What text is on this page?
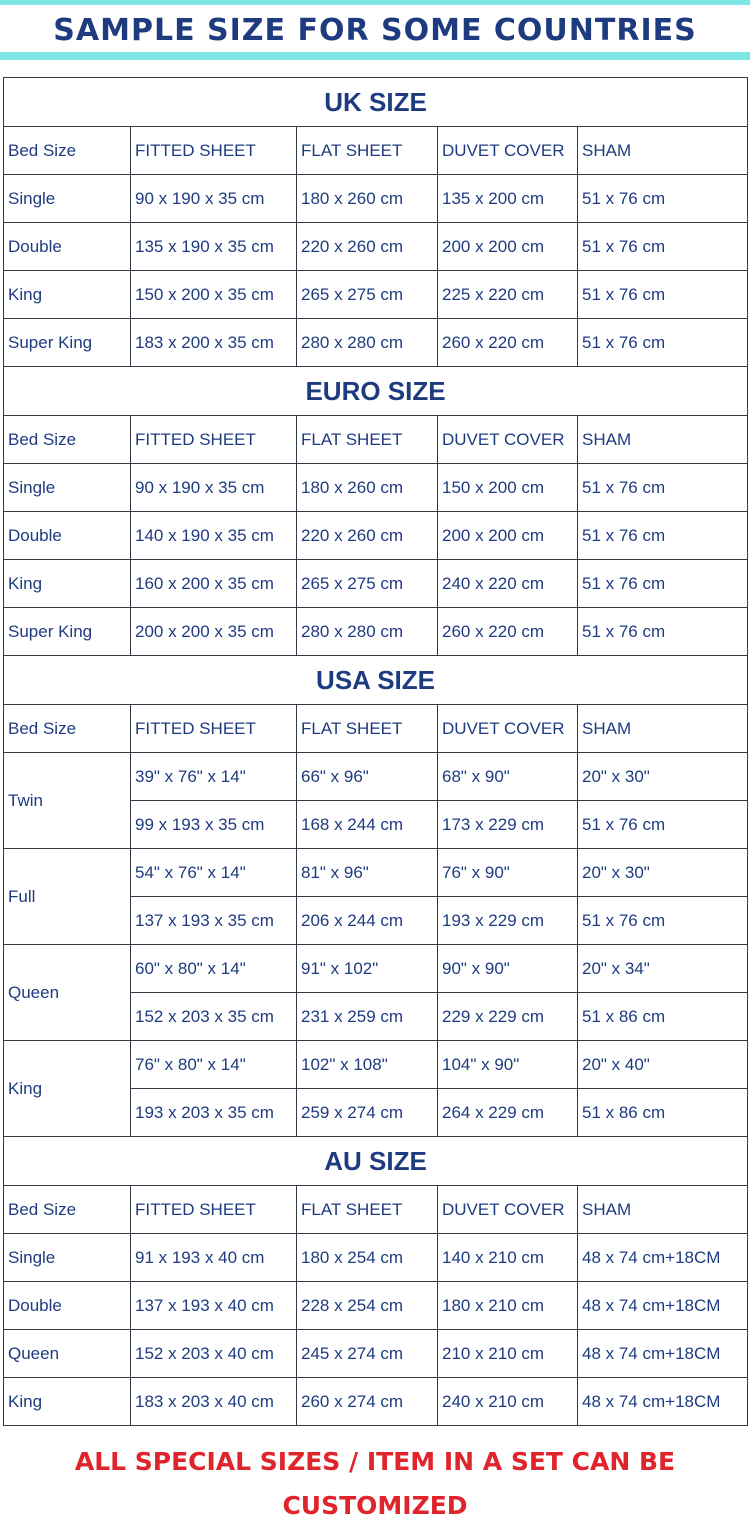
SAMPLE SIZE FOR SOME COUNTRIES
UK SIZE				
Bed Size	FITTED SHEET	FLAT SHEET	DUVET COVER	SHAM
Single	90 x 190 x 35 cm	180 x 260 cm	135 x 200 cm	51 x 76 cm
Double	135 x 190 x 35 cm	220 x 260 cm	200 x 200 cm	51 x 76 cm
King	150 x 200 x 35 cm	265 x 275 cm	225 x 220 cm	51 x 76 cm
Super King	183 x 200 x 35 cm	280 x 280 cm	260 x 220 cm	51 x 76 cm
EURO SIZE				
Bed Size	FITTED SHEET	FLAT SHEET	DUVET COVER	SHAM
Single	90 x 190 x 35 cm	180 x 260 cm	150 x 200 cm	51 x 76 cm
Double	140 x 190 x 35 cm	220 x 260 cm	200 x 200 cm	51 x 76 cm
King	160 x 200 x 35 cm	265 x 275 cm	240 x 220 cm	51 x 76 cm
Super King	200 x 200 x 35 cm	280 x 280 cm	260 x 220 cm	51 x 76 cm
USA SIZE				
Bed Size	FITTED SHEET	FLAT SHEET	DUVET COVER	SHAM
Twin	39" x 76" x 14"	66" x 96"	68" x 90"	20" x 30"
	99 x 193 x 35 cm	168 x 244 cm	173 x 229 cm	51 x 76 cm
Full	54" x 76" x 14"	81" x 96"	76" x 90"	20" x 30"
	137 x 193 x 35 cm	206 x 244 cm	193 x 229 cm	51 x 76 cm
Queen	60" x 80" x 14"	91" x 102"	90" x 90"	20" x 34"
	152 x 203 x 35 cm	231 x 259 cm	229 x 229 cm	51 x 86 cm
King	76" x 80" x 14"	102" x 108"	104" x 90"	20" x 40"
	193 x 203 x 35 cm	259 x 274 cm	264 x 229 cm	51 x 86 cm
AU SIZE				
Bed Size	FITTED SHEET	FLAT SHEET	DUVET COVER	SHAM
Single	91 x 193 x 40 cm	180 x 254 cm	140 x 210 cm	48 x 74 cm+18CM
Double	137 x 193 x 40 cm	228 x 254 cm	180 x 210 cm	48 x 74 cm+18CM
Queen	152 x 203 x 40 cm	245 x 274 cm	210 x 210 cm	48 x 74 cm+18CM
King	183 x 203 x 40 cm	260 x 274 cm	240 x 210 cm	48 x 74 cm+18CM
ALL SPECIAL SIZES / ITEM IN A SET CAN BE CUSTOMIZED
